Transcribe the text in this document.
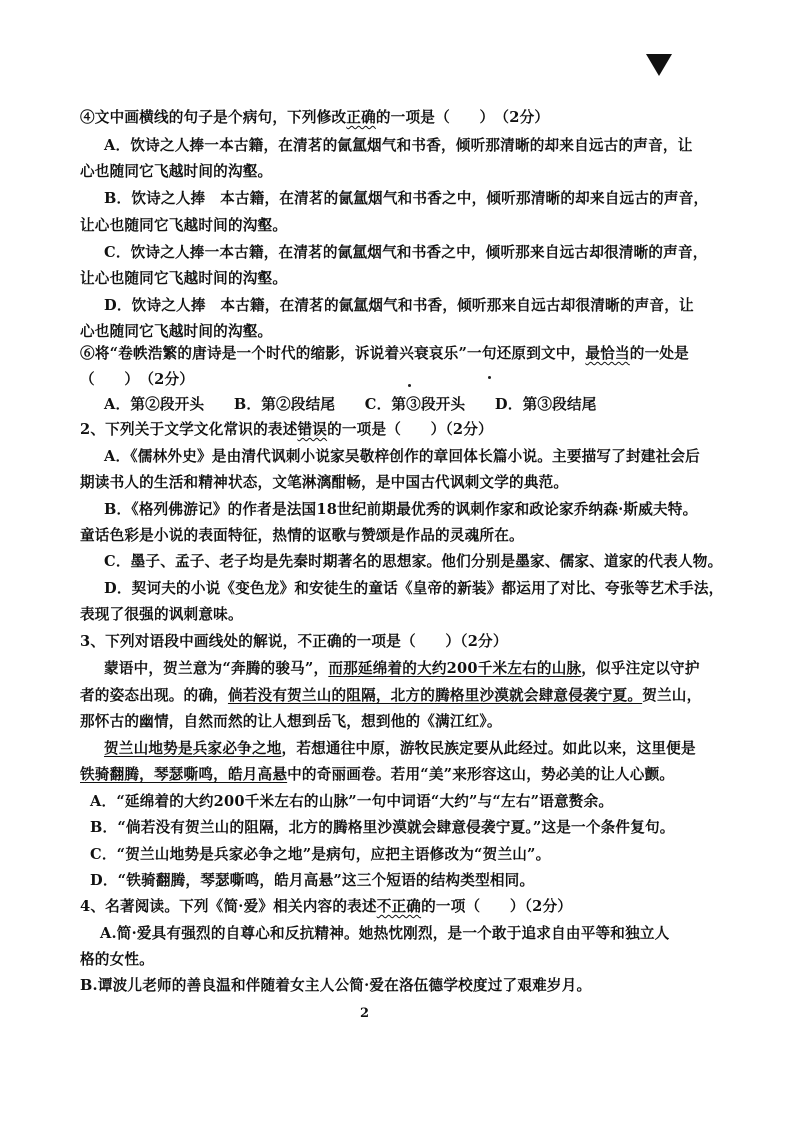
④文中画横线的句子是个病句，下列修改正确的一项是（　　）　（2分）
A．饮诗之人捧一本古籍，在清茗的氤氲烟气和书香，倾听那清晰的却来自远古的声音，让
心也随同它飞越时间的沟壑。
B．饮诗之人捧　本古籍，在清茗的氤氲烟气和书香之中，倾听那清晰的却来自远古的声音，
让心也随同它飞越时间的沟壑。
C．饮诗之人捧一本古籍，在清茗的氤氲烟气和书香之中，倾听那来自远古却很清晰的声音，
让心也随同它飞越时间的沟壑。
D．饮诗之人捧　本古籍，在清茗的氤氲烟气和书香，倾听那来自远古却很清晰的声音，让
心也随同它飞越时间的沟壑。
⑥将“卷帙浩繁的唐诗是一个时代的缩影，诉说着兴衰哀乐”一句还原到文中，最恰当的一处是
（　　）　（2分）
A．第②段开头　　B．第②段结尾　　C．第③段开头　　D．第③段结尾
2、下列关于文学文化常识的表述错误的一项是（　　）（2分）
A．《儒林外史》是由清代讽刺小说家吴敬梓创作的章回体长篇小说。主要描写了封建社会后
期读书人的生活和精神状态，文笔淋漓酣畅，是中国古代讽刺文学的典范。
B．《格列佛游记》的作者是法国18世纪前期最优秀的讽刺作家和政论家乔纳森·斯威夫特。
童话色彩是小说的表面特征，热情的讴歌与赞颂是作品的灵魂所在。
C．墨子、孟子、老子均是先秦时期著名的思想家。他们分别是墨家、儒家、道家的代表人物。
D．契诃夫的小说《变色龙》和安徒生的童话《皇帝的新装》都运用了对比、夸张等艺术手法，
表现了很强的讽刺意味。
3、下列对语段中画线处的解说，不正确的一项是（　　）（2分）
蒙语中，贺兰意为“奔腾的骏马”，而那延绵着的大约200千米左右的山脉，似乎注定以守护
者的姿态出现。的确，倘若没有贺兰山的阻隔，北方的腾格里沙漠就会肆意侵袭宁夏。贺兰山，
那怀古的幽情，自然而然的让人想到岳飞，想到他的《满江红》。
贺兰山地势是兵家必争之地，若想通往中原，游牧民族定要从此经过。如此以来，这里便是
铁骑翻腾，琴瑟嘶鸣，皓月高悬中的奇丽画卷。若用“美”来形容这山，势必美的让人心颤。
A．“延绵着的大约200千米左右的山脉”一句中词语“大约”与“左右”语意赘余。
B．“倘若没有贺兰山的阻隔，北方的腾格里沙漠就会肆意侵袭宁夏。”这是一个条件复句。
C．“贺兰山地势是兵家必争之地”是病句，应把主语修改为“贺兰山”。
D．“铁骑翻腾，琴瑟嘶鸣，皓月高悬”这三个短语的结构类型相同。
4、名著阅读。下列《简·爱》相关内容的表述不正确的一项（　　）（2分）
A.简·爱具有强烈的自尊心和反抗精神。她热忱刚烈，是一个敢于追求自由平等和独立人
格的女性。
B.谭波儿老师的善良温和伴随着女主人公简·爱在洛伍德学校度过了艰难岁月。
2
